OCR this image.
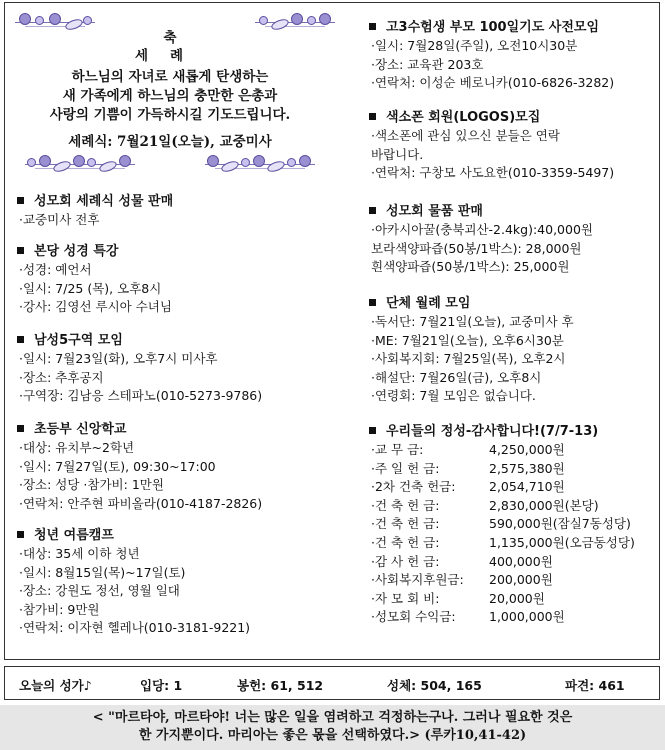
축
세례
하느님의 자녀로 새롭게 탄생하는
새 가족에게 하느님의 충만한 은총과
사랑의 기쁨이 가득하시길 기도드립니다.
세례식: 7월21일(오늘), 교중미사
성모회 세례식 성물 판매
·교중미사 전후
본당 성경 특강
·성경: 예언서
·일시: 7/25 (목), 오후8시
·강사: 김영선 루시아 수녀님
남성5구역 모임
·일시: 7월23일(화), 오후7시 미사후
·장소: 추후공지
·구역장: 김남응 스테파노(010-5273-9786)
초등부 신앙학교
·대상: 유치부~2학년
·일시: 7월27일(토), 09:30~17:00
·장소: 성당 ·참가비: 1만원
·연락처: 안주현 파비올라(010-4187-2826)
청년 여름캠프
·대상: 35세 이하 청년
·일시: 8월15일(목)~17일(토)
·장소: 강원도 정선, 영월 일대
·참가비: 9만원
·연락처: 이자현 헬레나(010-3181-9221)
고3수험생 부모 100일기도 사전모임
·일시: 7월28일(주일), 오전10시30분
·장소: 교육관 203호
·연락처: 이성순 베로니카(010-6826-3282)
색소폰 회원(LOGOS)모집
·색소폰에 관심 있으신 분들은 연락
바랍니다.
·연락처: 구창모 사도요한(010-3359-5497)
성모회 물품 판매
·아카시아꿀(충북괴산-2.4kg):40,000원
보라색양파즙(50봉/1박스): 28,000원
흰색양파즙(50봉/1박스): 25,000원
단체 월례 모임
·독서단: 7월21일(오늘), 교중미사 후
·ME: 7월21일(오늘), 오후6시30분
·사회복지회: 7월25일(목), 오후2시
·해설단: 7월26일(금), 오후8시
·연령회: 7월 모임은 없습니다.
우리들의 정성-감사합니다!(7/7-13)
·교 무 금:	4,250,000원
·주 일 헌 금:	2,575,380원
·2차 건축 헌금:	2,054,710원
·건 축 헌 금:	2,830,000원(본당)
·건 축 헌 금:	590,000원(잠실7동성당)
·건 축 헌 금:	1,135,000원(오금동성당)
·감 사 헌 금:	400,000원
·사회복지후원금:	200,000원
·자 모 회 비:	20,000원
·성모회 수익금:	1,000,000원
오늘의 성가♪	입당: 1	봉헌: 61, 512	성체: 504, 165	파견: 461
< "마르타야, 마르타야! 너는 많은 일을 염려하고 걱정하는구나. 그러나 필요한 것은
한 가지뿐이다. 마리아는 좋은 몫을 선택하였다.> (루카10,41-42)
